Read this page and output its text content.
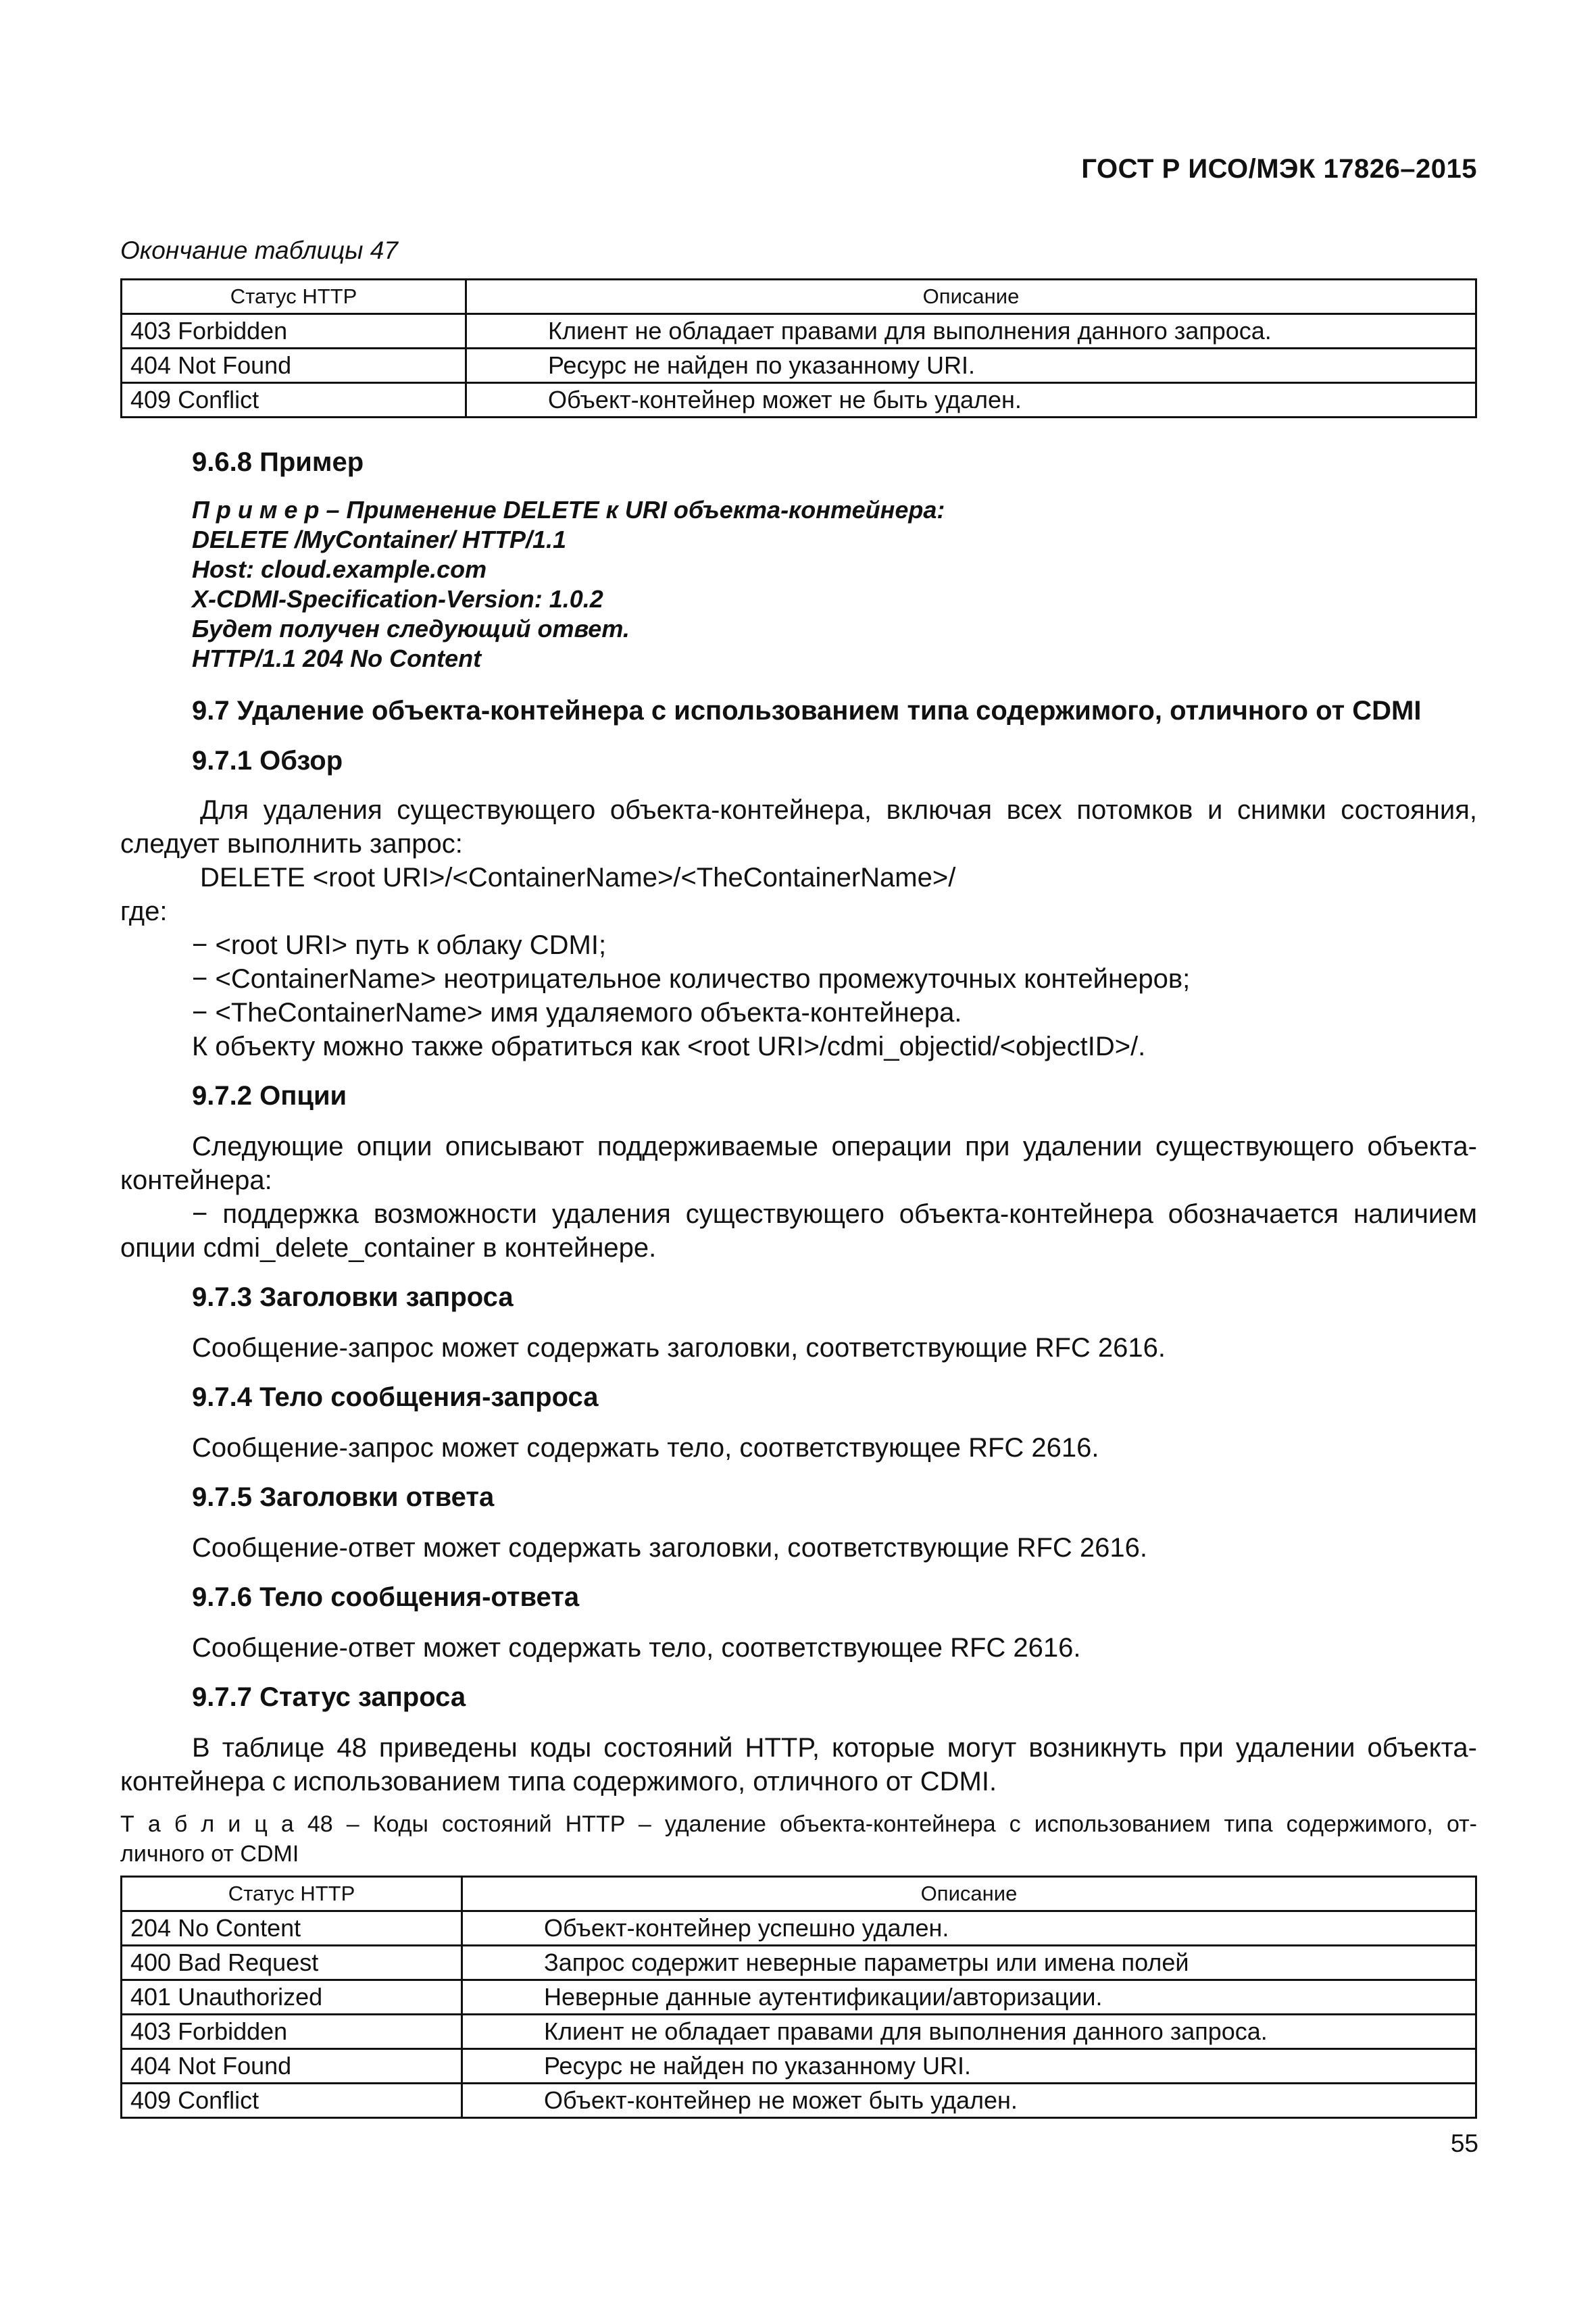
ГОСТ Р ИСО/МЭК 17826–2015
Окончание таблицы 47
Статус HTTP	Описание
403 Forbidden	Клиент не обладает правами для выполнения данного запроса.
404 Not Found	Ресурс не найден по указанному URI.
409 Conflict	Объект-контейнер может не быть удален.
9.6.8 Пример
П р и м е р – Применение DELETE к URI объекта-контейнера:
DELETE /MyContainer/ HTTP/1.1
Host: cloud.example.com
X-CDMI-Specification-Version: 1.0.2
Будет получен следующий ответ.
HTTP/1.1 204 No Content
9.7 Удаление объекта-контейнера с использованием типа содержимого, отличного от CDMI
9.7.1 Обзор
Для удаления существующего объекта-контейнера, включая всех потомков и снимки состояния,
следует выполнить запрос:
DELETE <root URI>/<ContainerName>/<TheContainerName>/
где:
− <root URI> путь к облаку CDMI;
− <ContainerName> неотрицательное количество промежуточных контейнеров;
− <TheContainerName> имя удаляемого объекта-контейнера.
К объекту можно также обратиться как <root URI>/cdmi_objectid/<objectID>/.
9.7.2 Опции
Следующие опции описывают поддерживаемые операции при удалении существующего объекта-
контейнера:
− поддержка возможности удаления существующего объекта-контейнера обозначается наличием
опции cdmi_delete_container в контейнере.
9.7.3 Заголовки запроса
Сообщение-запрос может содержать заголовки, соответствующие RFC 2616.
9.7.4 Тело сообщения-запроса
Сообщение-запрос может содержать тело, соответствующее RFC 2616.
9.7.5 Заголовки ответа
Сообщение-ответ может содержать заголовки, соответствующие RFC 2616.
9.7.6 Тело сообщения-ответа
Сообщение-ответ может содержать тело, соответствующее RFC 2616.
9.7.7 Статус запроса
В таблице 48 приведены коды состояний HTTP, которые могут возникнуть при удалении объекта-
контейнера с использованием типа содержимого, отличного от CDMI.
Т а б л и ц а 48 – Коды состояний HTTP – удаление объекта-контейнера с использованием типа содержимого, от-
личного от CDMI
Статус HTTP	Описание
204 No Content	Объект-контейнер успешно удален.
400 Bad Request	Запрос содержит неверные параметры или имена полей
401 Unauthorized	Неверные данные аутентификации/авторизации.
403 Forbidden	Клиент не обладает правами для выполнения данного запроса.
404 Not Found	Ресурс не найден по указанному URI.
409 Conflict	Объект-контейнер не может быть удален.
55
